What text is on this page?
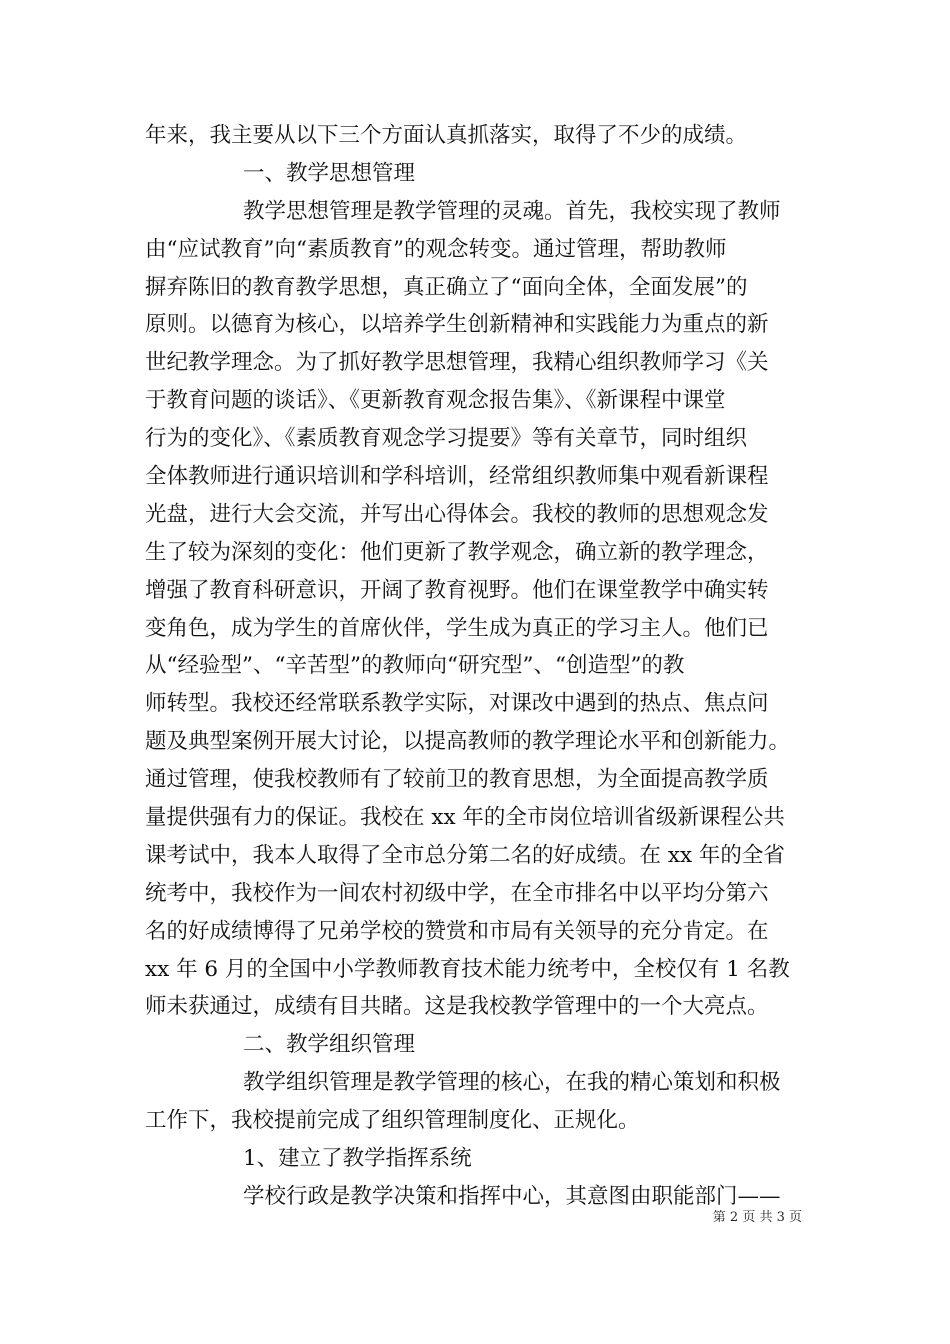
年来，我主要从以下三个方面认真抓落实，取得了不少的成绩。
一、教学思想管理
教学思想管理是教学管理的灵魂。首先，我校实现了教师
由“应试教育”向“素质教育”的观念转变。通过管理，帮助教师
摒弃陈旧的教育教学思想，真正确立了“面向全体，全面发展”的
原则。以德育为核心，以培养学生创新精神和实践能力为重点的新
世纪教学理念。为了抓好教学思想管理，我精心组织教师学习《关
于教育问题的谈话》、《更新教育观念报告集》、《新课程中课堂
行为的变化》、《素质教育观念学习提要》等有关章节，同时组织
全体教师进行通识培训和学科培训，经常组织教师集中观看新课程
光盘，进行大会交流，并写出心得体会。我校的教师的思想观念发
生了较为深刻的变化：他们更新了教学观念，确立新的教学理念，
增强了教育科研意识，开阔了教育视野。他们在课堂教学中确实转
变角色，成为学生的首席伙伴，学生成为真正的学习主人。他们已
从“经验型”、“辛苦型”的教师向“研究型”、“创造型”的教
师转型。我校还经常联系教学实际，对课改中遇到的热点、焦点问
题及典型案例开展大讨论，以提高教师的教学理论水平和创新能力。
通过管理，使我校教师有了较前卫的教育思想，为全面提高教学质
量提供强有力的保证。我校在 xx 年的全市岗位培训省级新课程公共
课考试中，我本人取得了全市总分第二名的好成绩。在 xx 年的全省
统考中，我校作为一间农村初级中学，在全市排名中以平均分第六
名的好成绩博得了兄弟学校的赞赏和市局有关领导的充分肯定。在
xx 年 6 月的全国中小学教师教育技术能力统考中，全校仅有 1 名教
师未获通过，成绩有目共睹。这是我校教学管理中的一个大亮点。
二、教学组织管理
教学组织管理是教学管理的核心，在我的精心策划和积极
工作下，我校提前完成了组织管理制度化、正规化。
1、建立了教学指挥系统
学校行政是教学决策和指挥中心，其意图由职能部门——
第 2 页 共 3 页
